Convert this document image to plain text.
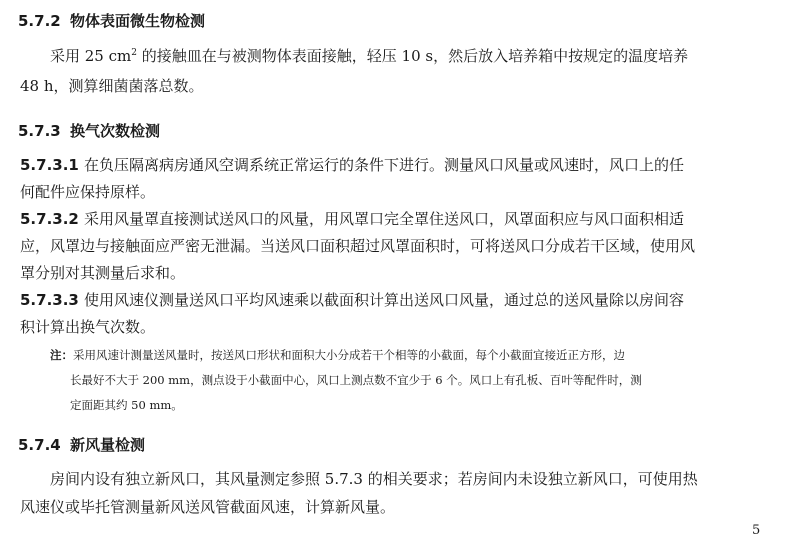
5.7.2 物体表面微生物检测
采用 25 $cm^2$ 的接触皿在与被测物体表面接触，轻压 10 s，然后放入培养箱中按规定的温度培养
48 h，测算细菌菌落总数。
5.7.3 换气次数检测
5.7.3.1 在负压隔离病房通风空调系统正常运行的条件下进行。测量风口风量或风速时，风口上的任
何配件应保持原样。
5.7.3.2 采用风量罩直接测试送风口的风量，用风罩口完全罩住送风口，风罩面积应与风口面积相适
应，风罩边与接触面应严密无泄漏。当送风口面积超过风罩面积时，可将送风口分成若干区域，使用风
罩分别对其测量后求和。
5.7.3.3 使用风速仪测量送风口平均风速乘以截面积计算出送风口风量，通过总的送风量除以房间容
积计算出换气次数。
注：采用风速计测量送风量时，按送风口形状和面积大小分成若干个相等的小截面，每个小截面宜接近正方形，边
长最好不大于 200 mm，测点设于小截面中心，风口上测点数不宜少于 6 个。风口上有孔板、百叶等配件时，测
定面距其约 50 mm。
5.7.4 新风量检测
房间内设有独立新风口，其风量测定参照 5.7.3 的相关要求；若房间内未设独立新风口，可使用热
风速仪或毕托管测量新风送风管截面风速，计算新风量。
5
